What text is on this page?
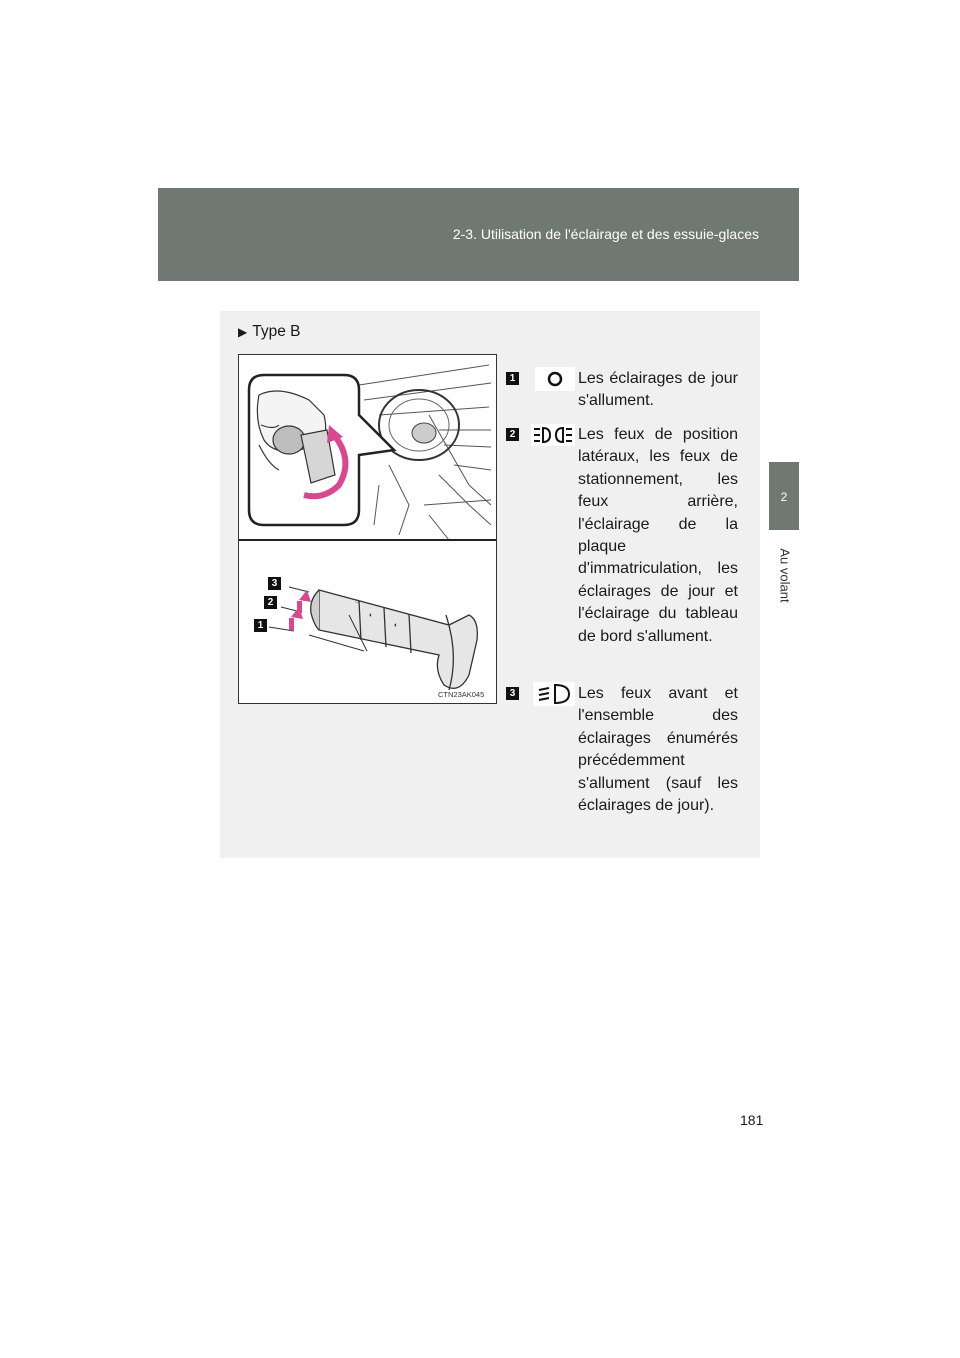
2-3. Utilisation de l'éclairage et des essuie-glaces
2
Au volant
▶ Type B
☼
◐
◐
3
2
1
CTN23AK045
1	Les éclairages de jour s'allument.

2	Les feux de position latéraux, les feux de stationnement, les feux arrière, l'éclairage de la plaque d'immatriculation, les éclairages de jour et l'éclairage du tableau de bord s'allument.

3	Les feux avant et l'ensemble des éclairages énumérés précédemment s'allument (sauf les éclairages de jour).

181
